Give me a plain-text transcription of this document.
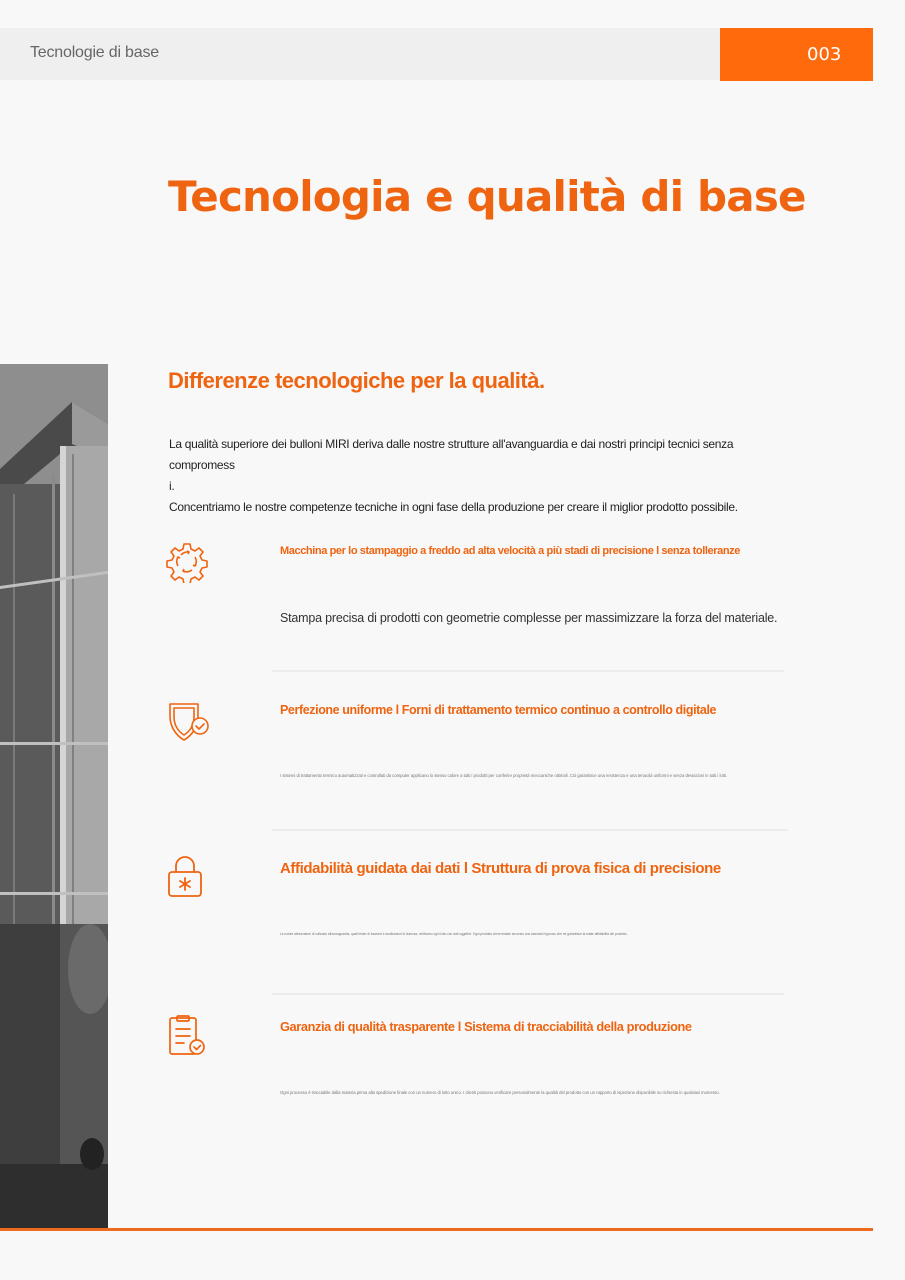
Tecnologie di base	003
Tecnologia e qualità di base
Differenze tecnologiche per la qualità.

La qualità superiore dei bulloni MIRI deriva dalle nostre strutture all'avanguardia e dai nostri principi tecnici senza compromess

i.

Concentriamo le nostre competenze tecniche in ogni fase della produzione per creare il miglior prodotto possibile.

Macchina per lo stampaggio a freddo ad alta velocità a più stadi di precisione l senza tolleranze
Stampa precisa di prodotti con geometrie complesse per massimizzare la forza del materiale.
Perfezione uniforme l Forni di trattamento termico continuo a controllo digitale
I sistemi di trattamento termico automatizzati e controllati da computer applicano lo stesso calore a tutti i prodotti per conferire proprietà meccaniche ottimali. Ciò garantisce una resistenza e una tenacità uniformi e senza deviazioni in tutti i lotti.
Affidabilità guidata dai dati l Struttura di prova fisica di precisione
Le nostre attrezzature di collaudo all'avanguardia, quali tester di trazione e analizzatori di durezza, verificano ogni lotto con dati oggettivi. Ogni prodotto viene testato secondo uno standard rigoroso che ne garantisce la totale affidabilità del prodotto.
Garanzia di qualità trasparente l Sistema di tracciabilità della produzione
Ogni processo è tracciabile dalla materia prima alla spedizione finale con un numero di lotto unico. I clienti possono verificare personalmente la qualità del prodotto con un rapporto di ispezione disponibile su richiesta in qualsiasi momento.
